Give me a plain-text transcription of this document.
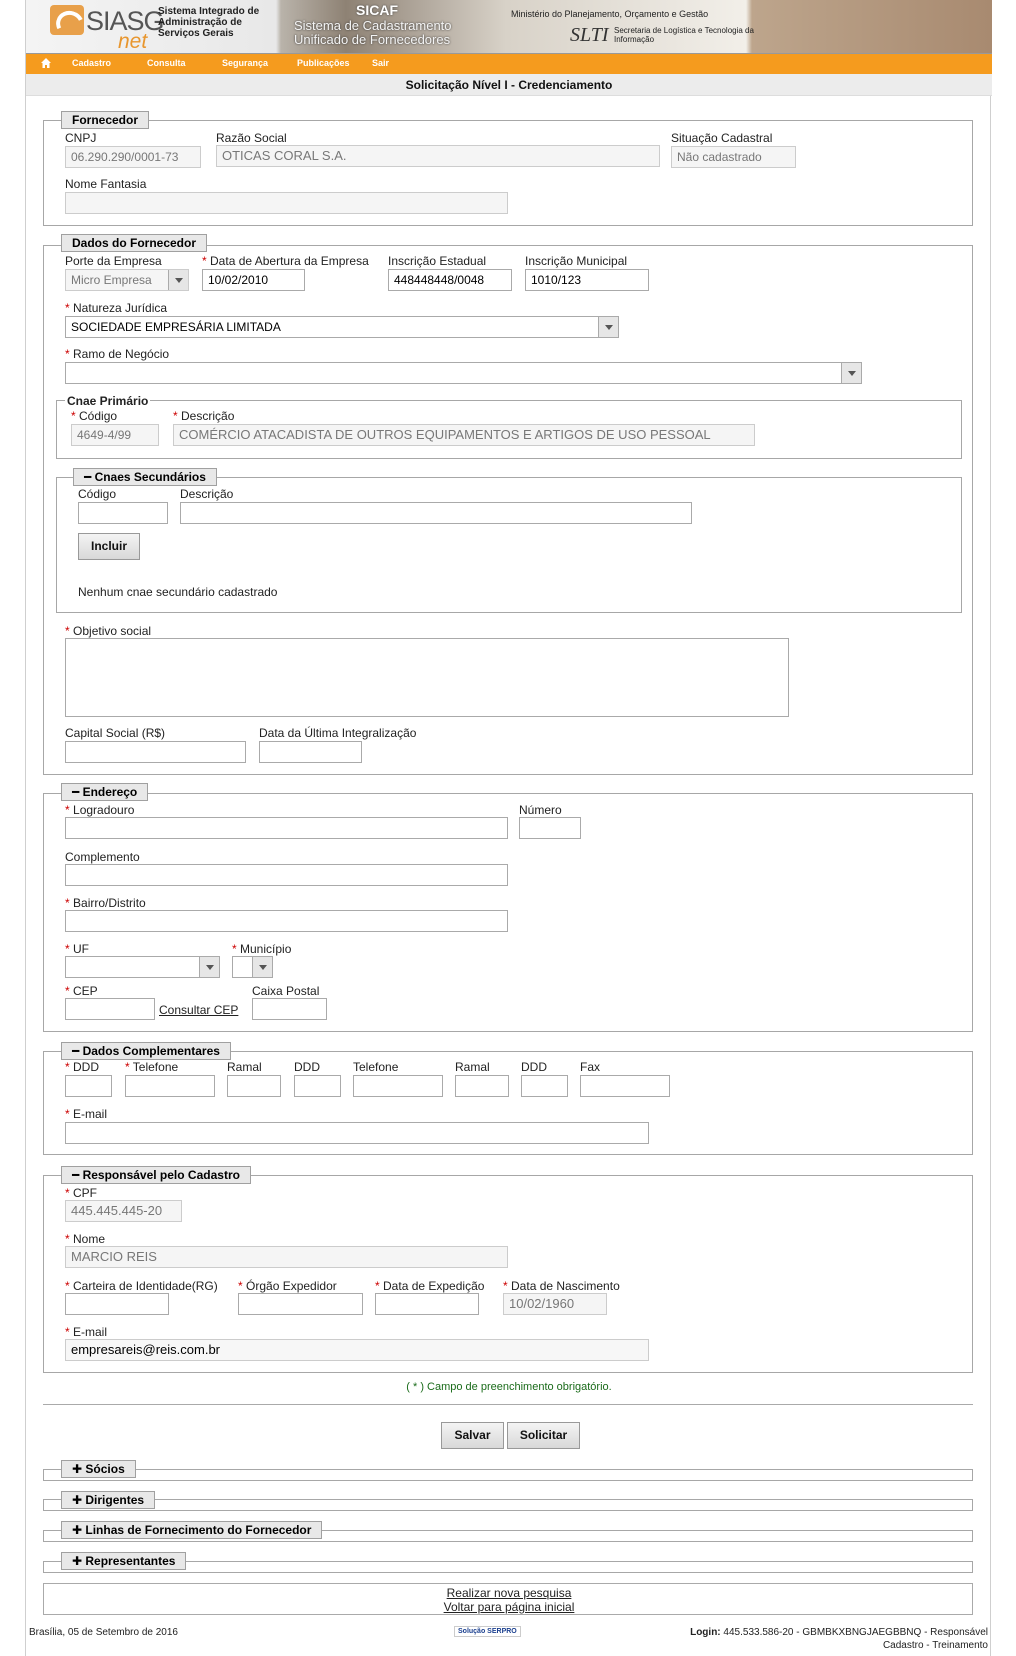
SIASG
net
Sistema Integrado de Administração de Serviços Gerais
SICAF
Sistema de Cadastramento Unificado de Fornecedores
Ministério do Planejamento, Orçamento e Gestão
SLTI Secretaria de Logística e Tecnologia da Informação
Cadastro	Consulta	Segurança	Publicações Sair
Solicitação Nível I - Credenciamento
Fornecedor
CNPJ
06.290.290/0001-73
Razão Social
OTICAS CORAL S.A.
Situação Cadastral
Não cadastrado
Nome Fantasia
Dados do Fornecedor
Porte da Empresa
Micro Empresa
* Data de Abertura da Empresa
10/02/2010
Inscrição Estadual
448448448/0048
Inscrição Municipal
1010/123
* Natureza Jurídica
SOCIEDADE EMPRESÁRIA LIMITADA
* Ramo de Negócio
Cnae Primário
* Código
4649-4/99
* Descrição
COMÉRCIO ATACADISTA DE OUTROS EQUIPAMENTOS E ARTIGOS DE USO PESSOAL
━ Cnaes Secundários
Código	Descrição
Incluir
Nenhum cnae secundário cadastrado
* Objetivo social
Capital Social (R$)	Data da Última Integralização
━ Endereço
* Logradouro	Número
Complemento
* Bairro/Distrito
* UF	* Município
* CEP
Consultar CEP
Caixa Postal
━ Dados Complementares
* DDD * Telefone	Ramal	DDD	Telefone	Ramal	DDD	Fax
* E-mail
━ Responsável pelo Cadastro
* CPF
445.445.445-20
* Nome
MARCIO REIS
* Carteira de Identidade(RG) * Órgão Expedidor	* Data de Expedição * Data de Nascimento
10/02/1960
* E-mail
empresareis@reis.com.br
( * ) Campo de preenchimento obrigatório.
Salvar	Solicitar
✚ Sócios
✚ Dirigentes
✚ Linhas de Fornecimento do Fornecedor
✚ Representantes
Realizar nova pesquisa
Voltar para página inicial
Brasília, 05 de Setembro de 2016	Solução SERPRO	Login: 445.533.586-20 - GBMBKXBNGJAEGBBNQ - Responsável
Cadastro - Treinamento
